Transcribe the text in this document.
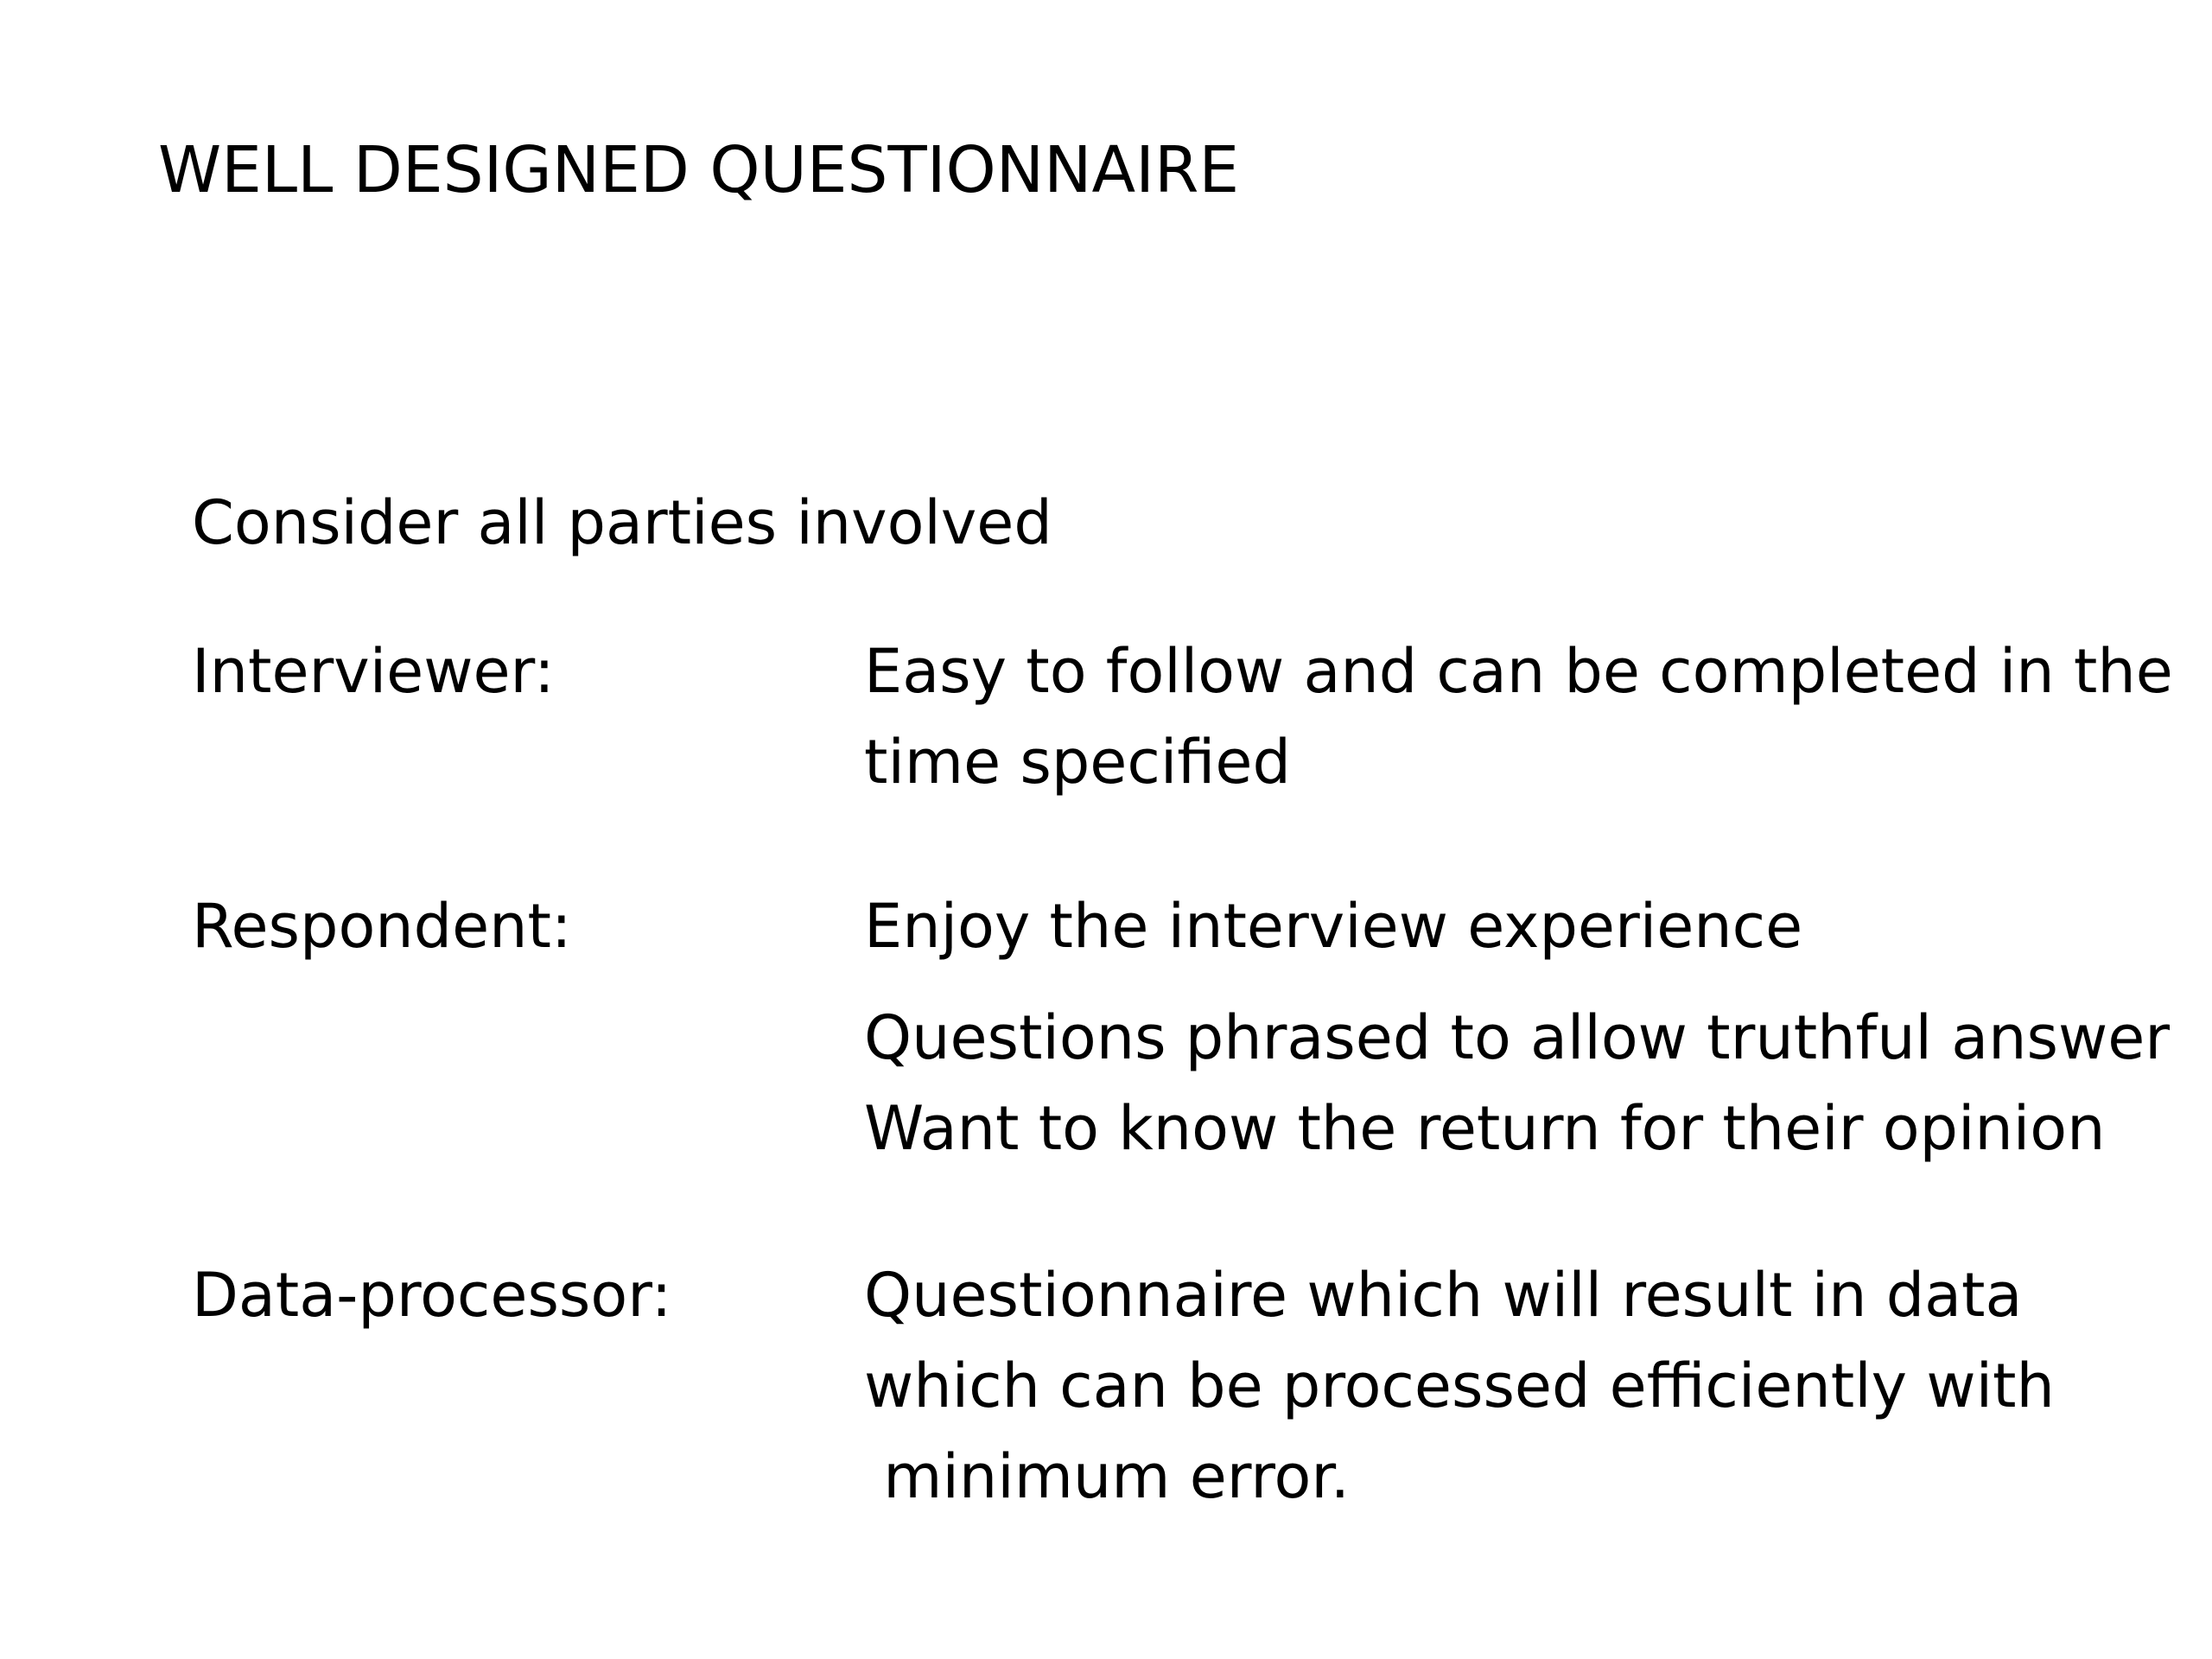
WELL DESIGNED QUESTIONNAIRE
Consider all parties involved
Interviewer:	Easy to follow and can be completed in the
time specified
Respondent:	Enjoy the interview experience
Questions phrased to allow truthful answer
Want to know the return for their opinion
Data-processor:	Questionnaire which will result in data
which can be processed efficiently with
minimum error.
